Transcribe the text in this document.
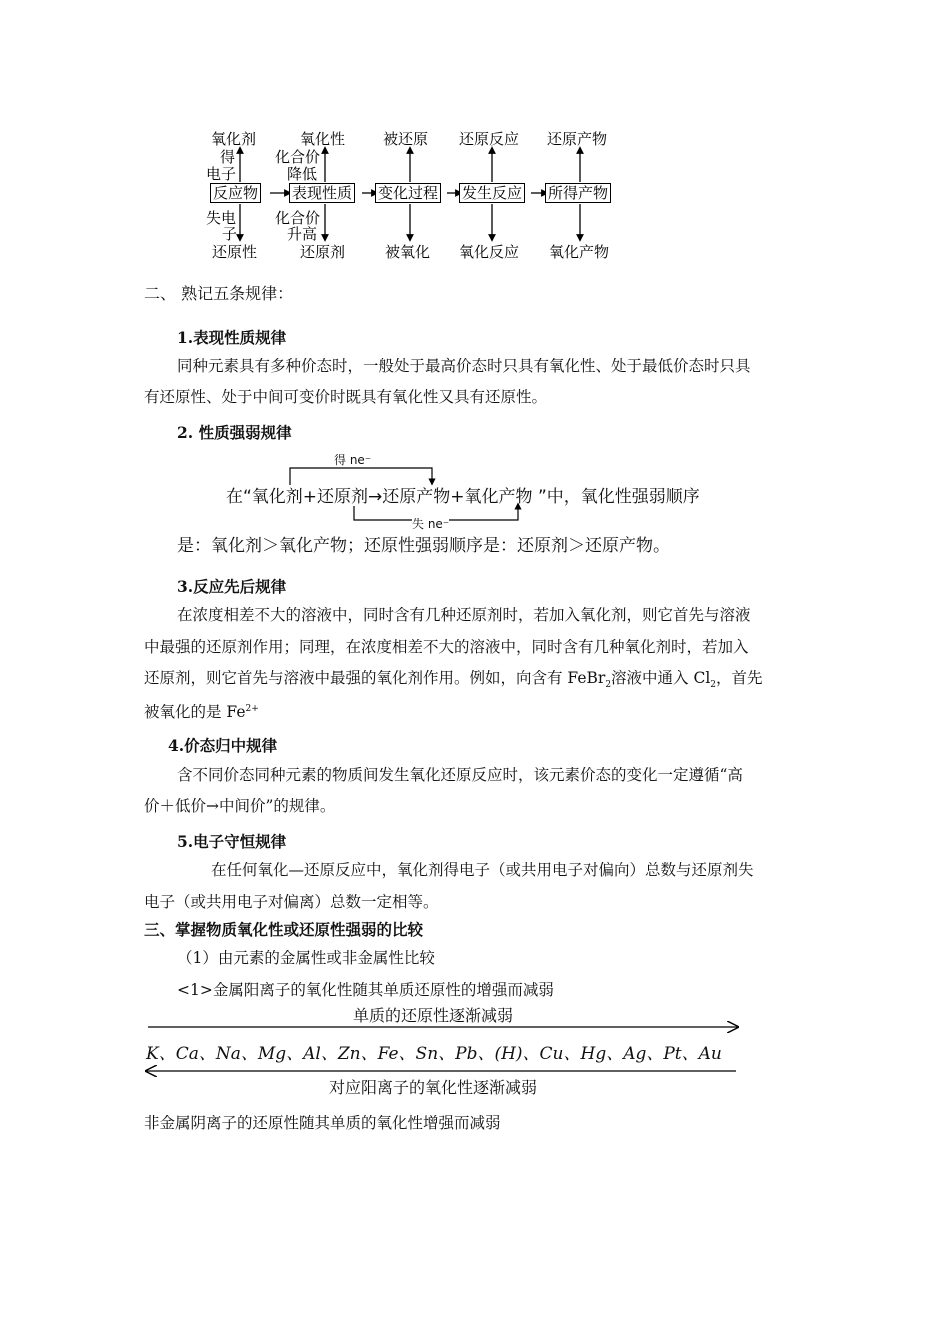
氧化剂
得
电子
反应物
失电
子
还原性
氧化性
化合价
降低
表现性质
化合价
升高
还原剂
被还原
变化过程
被氧化
还原反应
发生反应
氧化反应
还原产物
所得产物
氧化产物
二、 熟记五条规律：
1.表现性质规律
同种元素具有多种价态时，一般处于最高价态时只具有氧化性、处于最低价态时只具
有还原性、处于中间可变价时既具有氧化性又具有还原性。
2. 性质强弱规律
得 ne⁻
在“氧化剂+还原剂→还原产物+氧化产物 ”中，氧化性强弱顺序
失 ne⁻
是：氧化剂＞氧化产物；还原性强弱顺序是：还原剂＞还原产物。
3.反应先后规律
在浓度相差不大的溶液中，同时含有几种还原剂时，若加入氧化剂，则它首先与溶液
中最强的还原剂作用；同理，在浓度相差不大的溶液中，同时含有几种氧化剂时，若加入
还原剂，则它首先与溶液中最强的氧化剂作用。例如，向含有 FeBr$_2$溶液中通入 $Cl_2$，首先
被氧化的是 $Fe^{2+}$
4.价态归中规律
含不同价态同种元素的物质间发生氧化还原反应时，该元素价态的变化一定遵循“高
价＋低价→中间价”的规律。
5.电子守恒规律
在任何氧化—还原反应中，氧化剂得电子（或共用电子对偏向）总数与还原剂失
电子（或共用电子对偏离）总数一定相等。
三、掌握物质氧化性或还原性强弱的比较
（1）由元素的金属性或非金属性比较
<1>金属阳离子的氧化性随其单质还原性的增强而减弱
单质的还原性逐渐减弱
K、Ca、Na、Mg、Al、Zn、Fe、Sn、Pb、(H)、Cu、Hg、Ag、Pt、Au
对应阳离子的氧化性逐渐减弱
非金属阴离子的还原性随其单质的氧化性增强而减弱
